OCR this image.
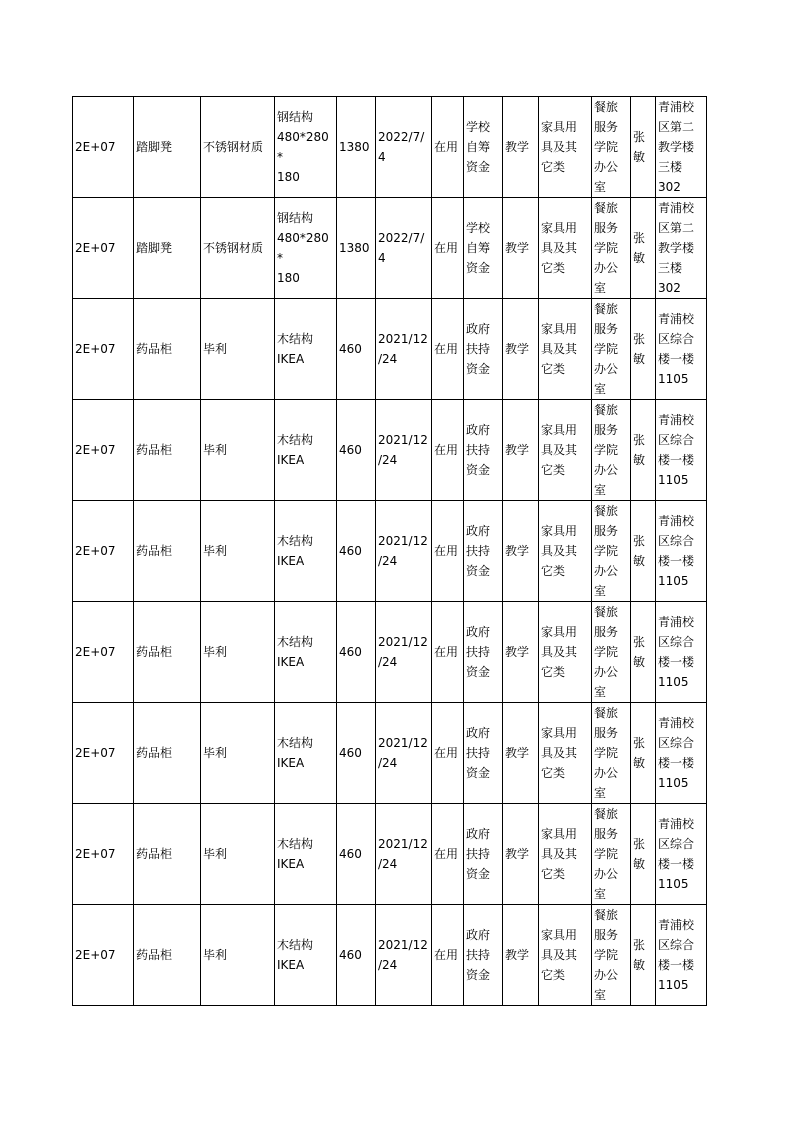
2E+07	踏脚凳	不锈钢材质	钢结构
480*280*
180	1380	2022/7/
4	在用	学校
自筹
资金	教学	家具用
具及其
它类	餐旅
服务
学院
办公
室	张
敏	青浦校
区第二
教学楼
三楼
302

2E+07	踏脚凳	不锈钢材质	钢结构
480*280*
180	1380	2022/7/
4	在用	学校
自筹
资金	教学	家具用
具及其
它类	餐旅
服务
学院
办公
室	张
敏	青浦校
区第二
教学楼
三楼
302

2E+07	药品柜	毕利	木结构
IKEA	460	2021/12
/24	在用	政府
扶持
资金	教学	家具用
具及其
它类	餐旅
服务
学院
办公
室	张
敏	青浦校
区综合
楼一楼
1105

2E+07	药品柜	毕利	木结构
IKEA	460	2021/12
/24	在用	政府
扶持
资金	教学	家具用
具及其
它类	餐旅
服务
学院
办公
室	张
敏	青浦校
区综合
楼一楼
1105

2E+07	药品柜	毕利	木结构
IKEA	460	2021/12
/24	在用	政府
扶持
资金	教学	家具用
具及其
它类	餐旅
服务
学院
办公
室	张
敏	青浦校
区综合
楼一楼
1105

2E+07	药品柜	毕利	木结构
IKEA	460	2021/12
/24	在用	政府
扶持
资金	教学	家具用
具及其
它类	餐旅
服务
学院
办公
室	张
敏	青浦校
区综合
楼一楼
1105

2E+07	药品柜	毕利	木结构
IKEA	460	2021/12
/24	在用	政府
扶持
资金	教学	家具用
具及其
它类	餐旅
服务
学院
办公
室	张
敏	青浦校
区综合
楼一楼
1105

2E+07	药品柜	毕利	木结构
IKEA	460	2021/12
/24	在用	政府
扶持
资金	教学	家具用
具及其
它类	餐旅
服务
学院
办公
室	张
敏	青浦校
区综合
楼一楼
1105

2E+07	药品柜	毕利	木结构
IKEA	460	2021/12
/24	在用	政府
扶持
资金	教学	家具用
具及其
它类	餐旅
服务
学院
办公
室	张
敏	青浦校
区综合
楼一楼
1105
